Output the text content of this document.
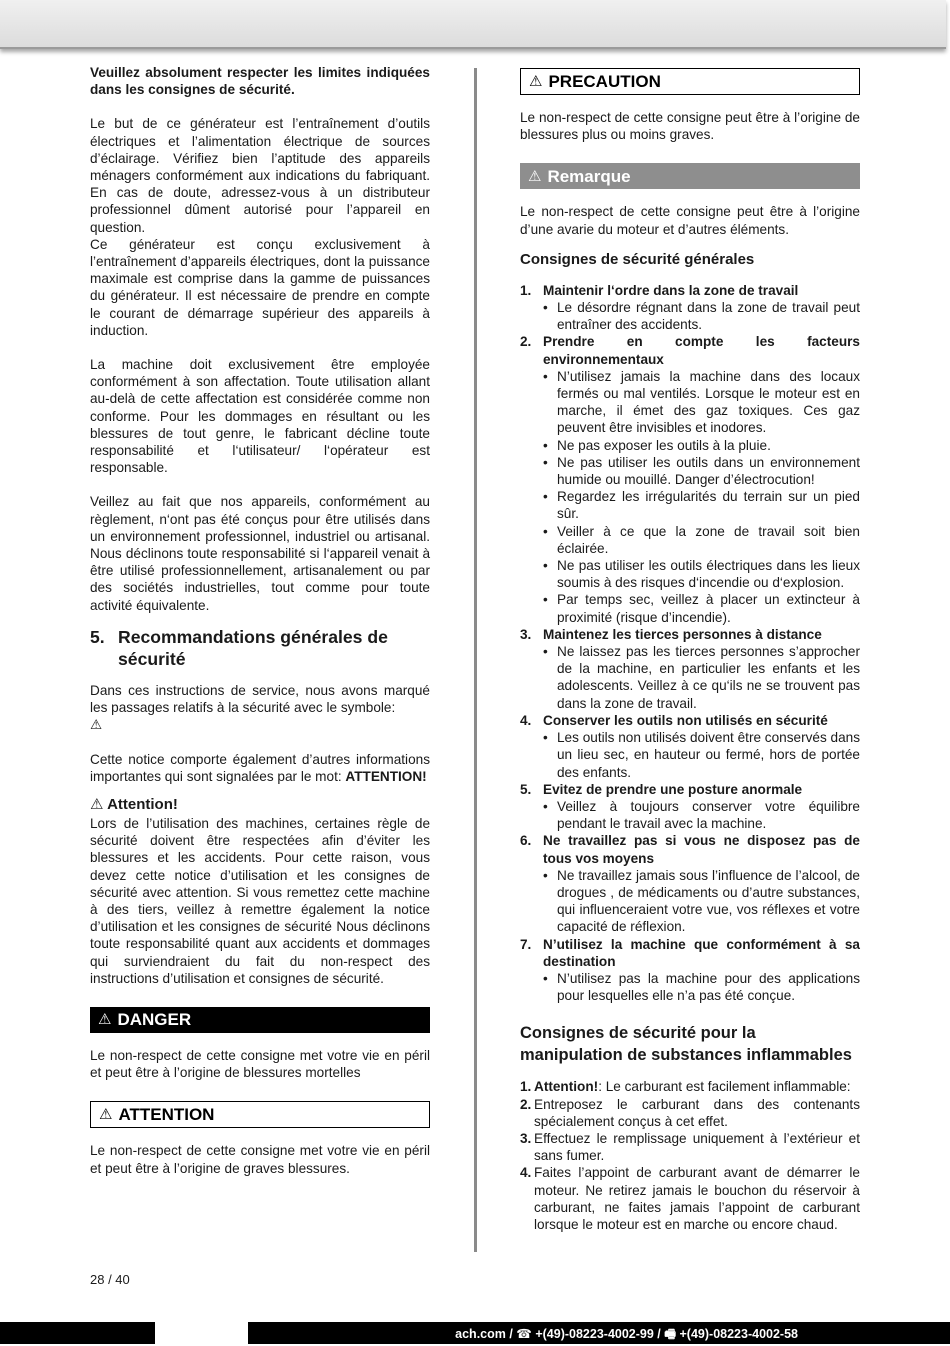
Veuillez absolument respecter les limites indiquées dans les consignes de sécurité.

Le but de ce générateur est l’entraînement d’outils électriques et l’alimentation électrique de sources d’éclairage. Vérifiez bien l’aptitude des appareils ménagers conformément aux indications du fabriquant. En cas de doute, adressez-vous à un distributeur professionnel dûment autorisé pour l’appareil en question.

Ce générateur est conçu exclusivement à l’entraînement d’appareils électriques, dont la puissance maximale est comprise dans la gamme de puissances du générateur. Il est nécessaire de prendre en compte le courant de démarrage supérieur des appareils à induction.

La machine doit exclusivement être employée conformément à son affectation. Toute utilisation allant au-delà de cette affectation est considérée comme non conforme. Pour les dommages en résultant ou les blessures de tout genre, le fabricant décline toute responsabilité et l‘utilisateur/ l‘opérateur est responsable.

Veillez au fait que nos appareils, conformément au règlement, n‘ont pas été conçus pour être utilisés dans un environnement professionnel, industriel ou artisanal. Nous déclinons toute responsabilité si l‘appareil venait à être utilisé professionnellement, artisanalement ou par des sociétés industrielles, tout comme pour toute activité équivalente.

5. Recommandations générales de sécurité

Dans ces instructions de service, nous avons marqué les passages relatifs à la sécurité avec le symbole:

⚠

Cette notice comporte également d’autres informations importantes qui sont signalées par le mot: ATTENTION!

⚠ Attention!

Lors de l’utilisation des machines, certaines règle de sécurité doivent être respectées afin d’éviter les blessures et les accidents. Pour cette raison, vous devez cette notice d’utilisation et les consignes de sécurité avec attention. Si vous remettez cette machine à des tiers, veillez à remettre également la notice d’utilisation et les consignes de sécurité Nous déclinons toute responsabilité quant aux accidents et dommages qui surviendraient du fait du non-respect des instructions d’utilisation et consignes de sécurité.

⚠ DANGER

Le non-respect de cette consigne met votre vie en péril et peut être à l’origine de blessures mortelles

⚠ ATTENTION

Le non-respect de cette consigne met votre vie en péril et peut être à l’origine de graves blessures.

⚠ PRECAUTION

Le non-respect de cette consigne peut être à l’origine de blessures plus ou moins graves.

⚠ Remarque

Le non-respect de cette consigne peut être à l’origine d’une avarie du moteur et d’autres éléments.

Consignes de sécurité générales
1. Maintenir l‘ordre dans la zone de travail
• Le désordre régnant dans la zone de travail peut entraîner des accidents.
2. Prendre en compte les facteurs environnementaux
• N’utilisez jamais la machine dans des locaux fermés ou mal ventilés. Lorsque le moteur est en marche, il émet des gaz toxiques. Ces gaz peuvent être invisibles et inodores.
• Ne pas exposer les outils à la pluie.
• Ne pas utiliser les outils dans un environnement humide ou mouillé. Danger d’électrocution!
• Regardez les irrégularités du terrain sur un pied sûr.
• Veiller à ce que la zone de travail soit bien éclairée.
• Ne pas utiliser les outils électriques dans les lieux soumis à des risques d‘incendie ou d‘explosion.
• Par temps sec, veillez à placer un extincteur à proximité (risque d’incendie).
3. Maintenez les tierces personnes à distance
• Ne laissez pas les tierces personnes s’approcher de la machine, en particulier les enfants et les adolescents. Veillez à ce qu‘ils ne se trouvent pas dans la zone de travail.
4. Conserver les outils non utilisés en sécurité
• Les outils non utilisés doivent être conservés dans un lieu sec, en hauteur ou fermé, hors de portée des enfants.
5. Evitez de prendre une posture anormale
• Veillez à toujours conserver votre équilibre pendant le travail avec la machine.
6. Ne travaillez pas si vous ne disposez pas de tous vos moyens
• Ne travaillez jamais sous l’influence de l’alcool, de drogues , de médicaments ou d’autre substances, qui influenceraient votre vue, vos réflexes et votre capacité de réflexion.
7. N’utilisez la machine que conformément à sa destination
• N’utilisez pas la machine pour des applications pour lesquelles elle n’a pas été conçue.
Consignes de sécurité pour la manipulation de substances inflammables
1. Attention!: Le carburant est facilement inflammable:
2. Entreposez le carburant dans des contenants spécialement conçus à cet effet.
3. Effectuez le remplissage uniquement à l’extérieur et sans fumer.
4. Faites l’appoint de carburant avant de démarrer le moteur. Ne retirez jamais le bouchon du réservoir à carburant, ne faites jamais l’appoint de carburant lorsque le moteur est en marche ou encore chaud.
28 / 40
ach.com / ☎ +(49)-08223-4002-99 / 🖷 +(49)-08223-4002-58
